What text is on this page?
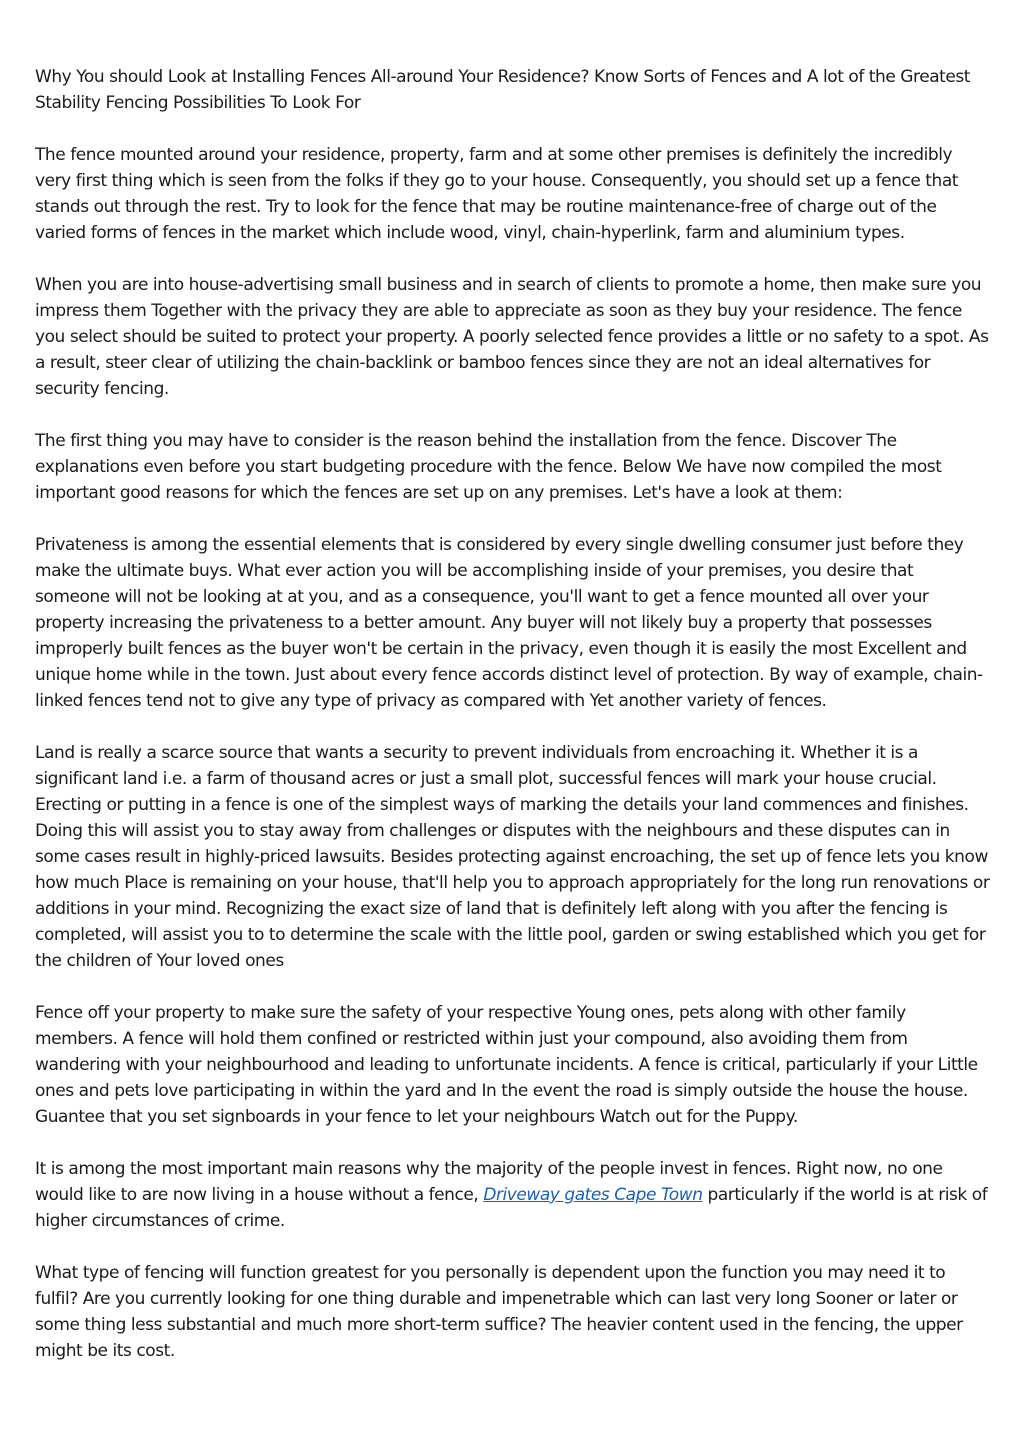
Why You should Look at Installing Fences All-around Your Residence? Know Sorts of Fences and A lot of the Greatest Stability Fencing Possibilities To Look For

The fence mounted around your residence, property, farm and at some other premises is definitely the incredibly very first thing which is seen from the folks if they go to your house. Consequently, you should set up a fence that stands out through the rest. Try to look for the fence that may be routine maintenance-free of charge out of the varied forms of fences in the market which include wood, vinyl, chain-hyperlink, farm and aluminium types.

When you are into house-advertising small business and in search of clients to promote a home, then make sure you impress them Together with the privacy they are able to appreciate as soon as they buy your residence. The fence you select should be suited to protect your property. A poorly selected fence provides a little or no safety to a spot. As a result, steer clear of utilizing the chain-backlink or bamboo fences since they are not an ideal alternatives for security fencing.

The first thing you may have to consider is the reason behind the installation from the fence. Discover The explanations even before you start budgeting procedure with the fence. Below We have now compiled the most important good reasons for which the fences are set up on any premises. Let's have a look at them:

Privateness is among the essential elements that is considered by every single dwelling consumer just before they make the ultimate buys. What ever action you will be accomplishing inside of your premises, you desire that someone will not be looking at at you, and as a consequence, you'll want to get a fence mounted all over your property increasing the privateness to a better amount. Any buyer will not likely buy a property that possesses improperly built fences as the buyer won't be certain in the privacy, even though it is easily the most Excellent and unique home while in the town. Just about every fence accords distinct level of protection. By way of example, chain-linked fences tend not to give any type of privacy as compared with Yet another variety of fences.

Land is really a scarce source that wants a security to prevent individuals from encroaching it. Whether it is a significant land i.e. a farm of thousand acres or just a small plot, successful fences will mark your house crucial. Erecting or putting in a fence is one of the simplest ways of marking the details your land commences and finishes. Doing this will assist you to stay away from challenges or disputes with the neighbours and these disputes can in some cases result in highly-priced lawsuits. Besides protecting against encroaching, the set up of fence lets you know how much Place is remaining on your house, that'll help you to approach appropriately for the long run renovations or additions in your mind. Recognizing the exact size of land that is definitely left along with you after the fencing is completed, will assist you to to determine the scale with the little pool, garden or swing established which you get for the children of Your loved ones

Fence off your property to make sure the safety of your respective Young ones, pets along with other family members. A fence will hold them confined or restricted within just your compound, also avoiding them from wandering with your neighbourhood and leading to unfortunate incidents. A fence is critical, particularly if your Little ones and pets love participating in within the yard and In the event the road is simply outside the house the house. Guantee that you set signboards in your fence to let your neighbours Watch out for the Puppy.

It is among the most important main reasons why the majority of the people invest in fences. Right now, no one would like to are now living in a house without a fence, Driveway gates Cape Town particularly if the world is at risk of higher circumstances of crime.

What type of fencing will function greatest for you personally is dependent upon the function you may need it to fulfil? Are you currently looking for one thing durable and impenetrable which can last very long Sooner or later or some thing less substantial and much more short-term suffice? The heavier content used in the fencing, the upper might be its cost.
